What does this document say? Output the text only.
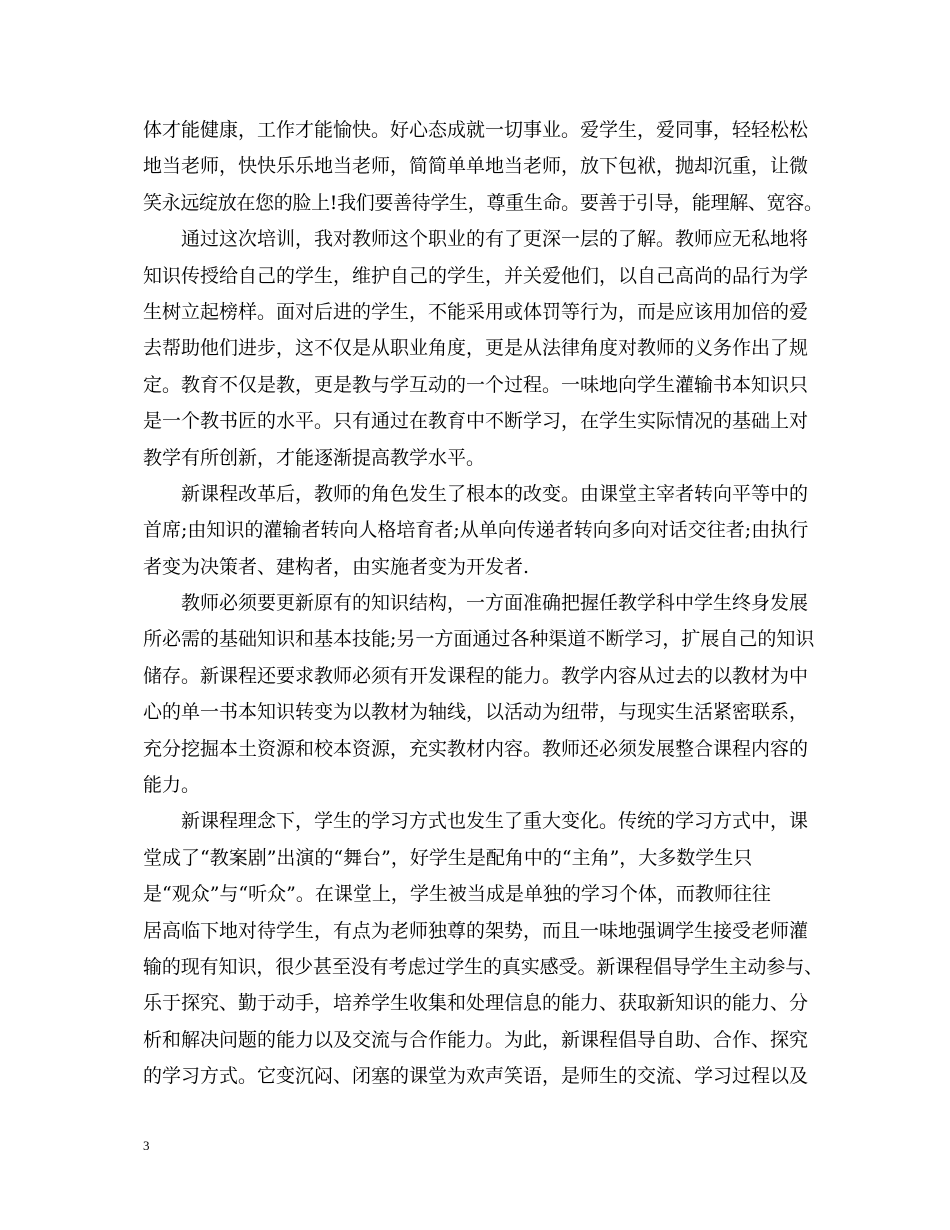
体才能健康，工作才能愉快。好心态成就一切事业。爱学生，爱同事，轻轻松松
地当老师，快快乐乐地当老师，简简单单地当老师，放下包袱，抛却沉重，让微
笑永远绽放在您的脸上!我们要善待学生，尊重生命。要善于引导，能理解、宽容。
通过这次培训，我对教师这个职业的有了更深一层的了解。教师应无私地将
知识传授给自己的学生，维护自己的学生，并关爱他们，以自己高尚的品行为学
生树立起榜样。面对后进的学生，不能采用或体罚等行为，而是应该用加倍的爱
去帮助他们进步，这不仅是从职业角度，更是从法律角度对教师的义务作出了规
定。教育不仅是教，更是教与学互动的一个过程。一味地向学生灌输书本知识只
是一个教书匠的水平。只有通过在教育中不断学习，在学生实际情况的基础上对
教学有所创新，才能逐渐提高教学水平。
新课程改革后，教师的角色发生了根本的改变。由课堂主宰者转向平等中的
首席;由知识的灌输者转向人格培育者;从单向传递者转向多向对话交往者;由执行
者变为决策者、建构者，由实施者变为开发者.
教师必须要更新原有的知识结构，一方面准确把握任教学科中学生终身发展
所必需的基础知识和基本技能;另一方面通过各种渠道不断学习，扩展自己的知识
储存。新课程还要求教师必须有开发课程的能力。教学内容从过去的以教材为中
心的单一书本知识转变为以教材为轴线，以活动为纽带，与现实生活紧密联系，
充分挖掘本土资源和校本资源，充实教材内容。教师还必须发展整合课程内容的
能力。
新课程理念下，学生的学习方式也发生了重大变化。传统的学习方式中，课
堂成了“教案剧”出演的“舞台”，好学生是配角中的“主角”，大多数学生只
是“观众”与“听众”。在课堂上，学生被当成是单独的学习个体，而教师往往
居高临下地对待学生，有点为老师独尊的架势，而且一味地强调学生接受老师灌
输的现有知识，很少甚至没有考虑过学生的真实感受。新课程倡导学生主动参与、
乐于探究、勤于动手，培养学生收集和处理信息的能力、获取新知识的能力、分
析和解决问题的能力以及交流与合作能力。为此，新课程倡导自助、合作、探究
的学习方式。它变沉闷、闭塞的课堂为欢声笑语，是师生的交流、学习过程以及
3
